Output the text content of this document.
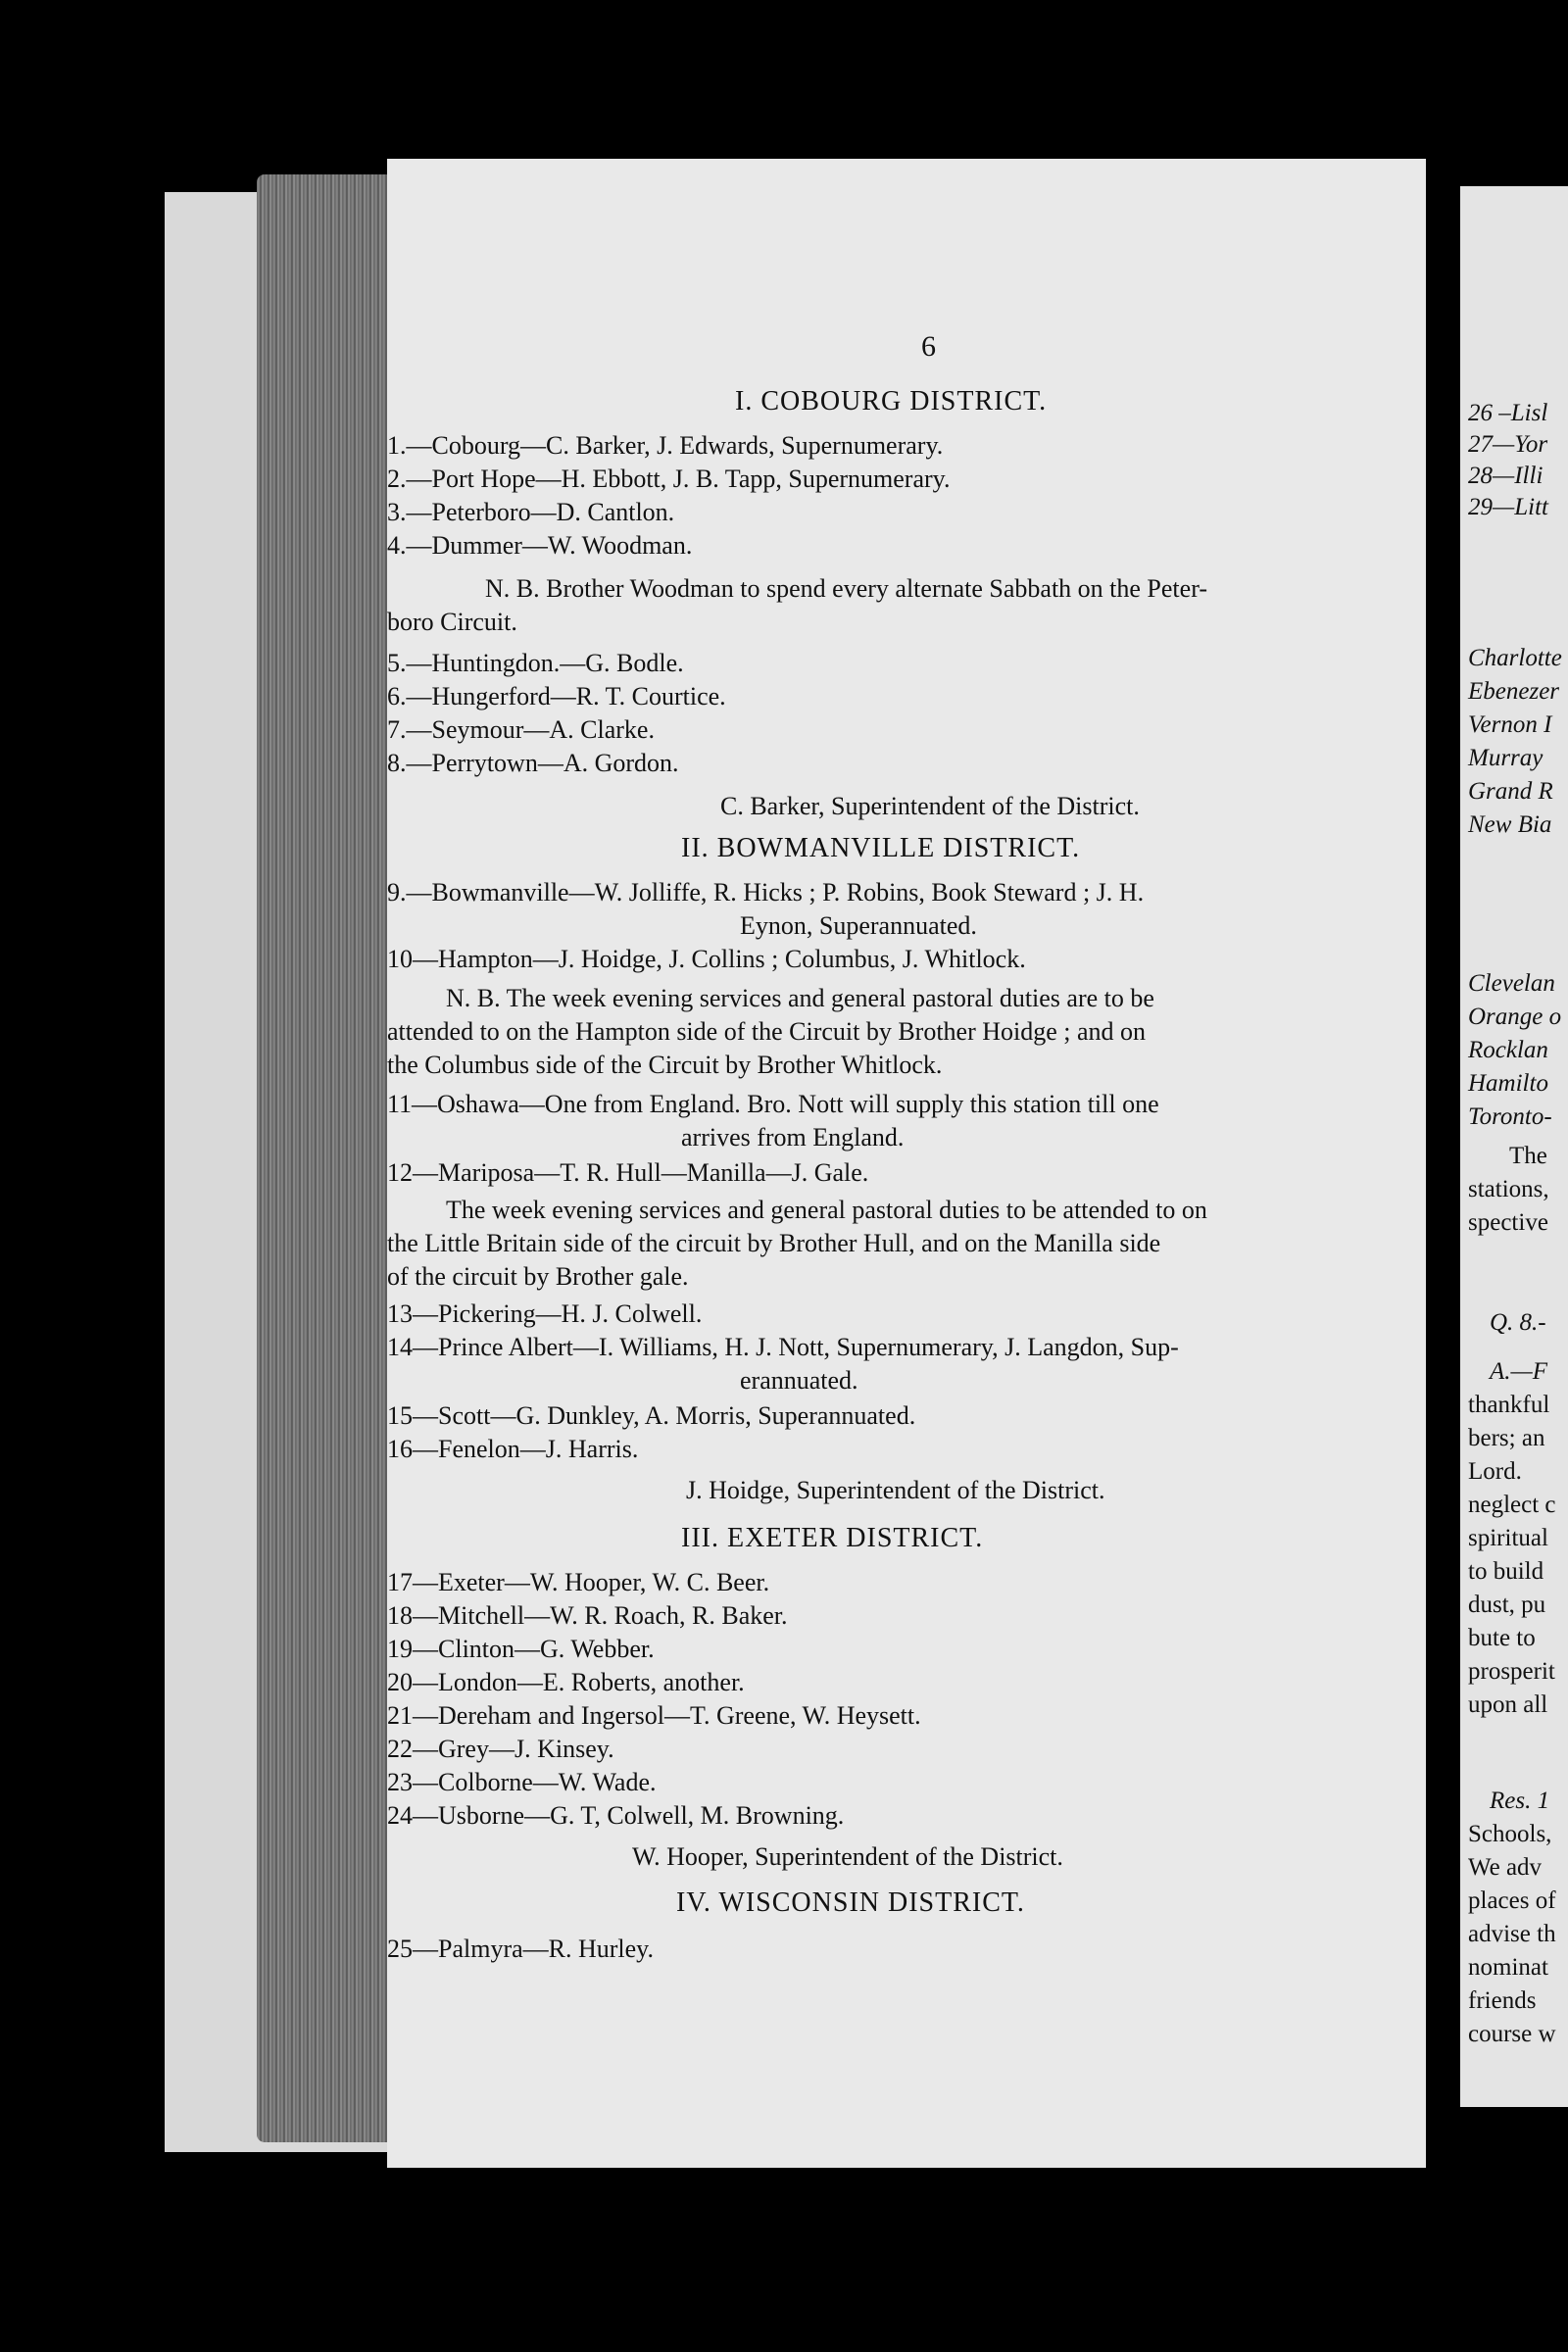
6
I. COBOURG DISTRICT.
1.—Cobourg—C. Barker, J. Edwards, Supernumerary.
2.—Port Hope—H. Ebbott, J. B. Tapp, Supernumerary.
3.—Peterboro—D. Cantlon.
4.—Dummer—W. Woodman.
N. B. Brother Woodman to spend every alternate Sabbath on the Peter-
boro Circuit.
5.—Huntingdon.—G. Bodle.
6.—Hungerford—R. T. Courtice.
7.—Seymour—A. Clarke.
8.—Perrytown—A. Gordon.
C. Barker, Superintendent of the District.
II. BOWMANVILLE DISTRICT.
9.—Bowmanville—W. Jolliffe, R. Hicks ; P. Robins, Book Steward ; J. H.
Eynon, Superannuated.
10—Hampton—J. Hoidge, J. Collins ; Columbus, J. Whitlock.
N. B. The week evening services and general pastoral duties are to be
attended to on the Hampton side of the Circuit by Brother Hoidge ; and on
the Columbus side of the Circuit by Brother Whitlock.
11—Oshawa—One from England. Bro. Nott will supply this station till one
arrives from England.
12—Mariposa—T. R. Hull—Manilla—J. Gale.
The week evening services and general pastoral duties to be attended to on
the Little Britain side of the circuit by Brother Hull, and on the Manilla side
of the circuit by Brother gale.
13—Pickering—H. J. Colwell.
14—Prince Albert—I. Williams, H. J. Nott, Supernumerary, J. Langdon, Sup-
erannuated.
15—Scott—G. Dunkley, A. Morris, Superannuated.
16—Fenelon—J. Harris.
J. Hoidge, Superintendent of the District.
III. EXETER DISTRICT.
17—Exeter—W. Hooper, W. C. Beer.
18—Mitchell—W. R. Roach, R. Baker.
19—Clinton—G. Webber.
20—London—E. Roberts, another.
21—Dereham and Ingersol—T. Greene, W. Heysett.
22—Grey—J. Kinsey.
23—Colborne—W. Wade.
24—Usborne—G. T, Colwell, M. Browning.
W. Hooper, Superintendent of the District.
IV. WISCONSIN DISTRICT.
25—Palmyra—R. Hurley.
26 –Lisl
27—Yor
28—Illi
29—Litt
Charlotte
Ebenezer
Vernon I
Murray
Grand R
New Bia
Clevelan
Orange o
Rocklan
Hamilto
Toronto-
The
stations,
spective
Q. 8.-
A.—F
thankful
bers; an
Lord.
neglect c
spiritual
to build
dust, pu
bute to
prosperit
upon all
Res. 1
Schools,
We adv
places of
advise th
nominat
friends
course w
